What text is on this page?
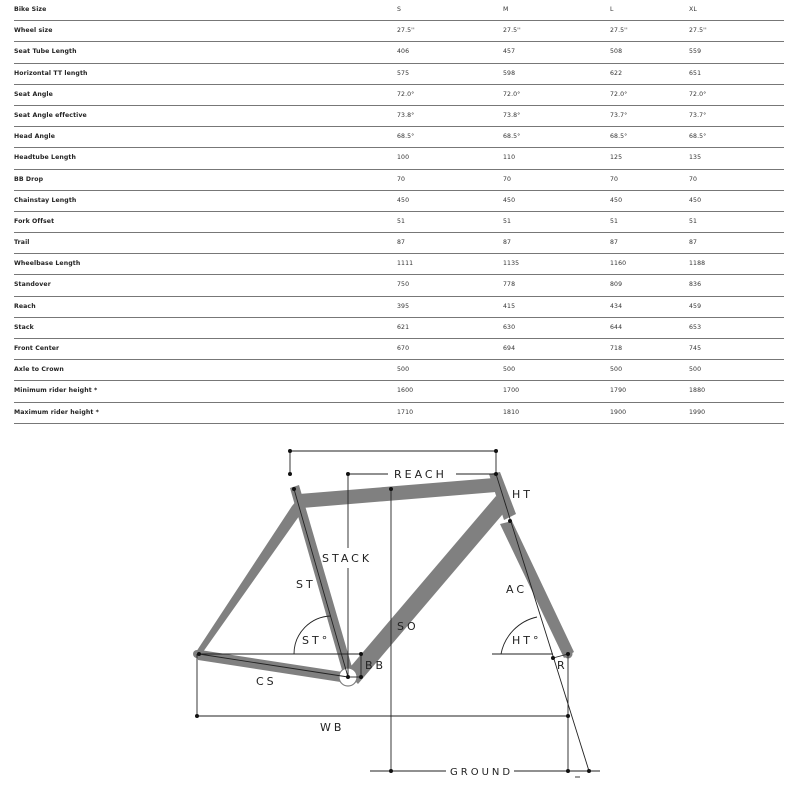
Bike Size	S	M	L	XL
Wheel size	27.5''	27.5''	27.5''	27.5''
Seat Tube Length	406	457	508	559
Horizontal TT length	575	598	622	651
Seat Angle	72.0°	72.0°	72.0°	72.0°
Seat Angle effective	73.8°	73.8°	73.7°	73.7°
Head Angle	68.5°	68.5°	68.5°	68.5°
Headtube Length	100	110	125	135
BB Drop	70	70	70	70
Chainstay Length	450	450	450	450
Fork Offset	51	51	51	51
Trail	87	87	87	87
Wheelbase Length	1111	1135	1160	1188
Standover	750	778	809	836
Reach	395	415	434	459
Stack	621	630	644	653
Front Center	670	694	718	745
Axle to Crown	500	500	500	500
Minimum rider height *	1600	1700	1790	1880
Maximum rider height *	1710	1810	1900	1990
REACH
HT
STACK
ST	AC
SO
ST°	HT°
BB
CS
R
WB
GROUND
